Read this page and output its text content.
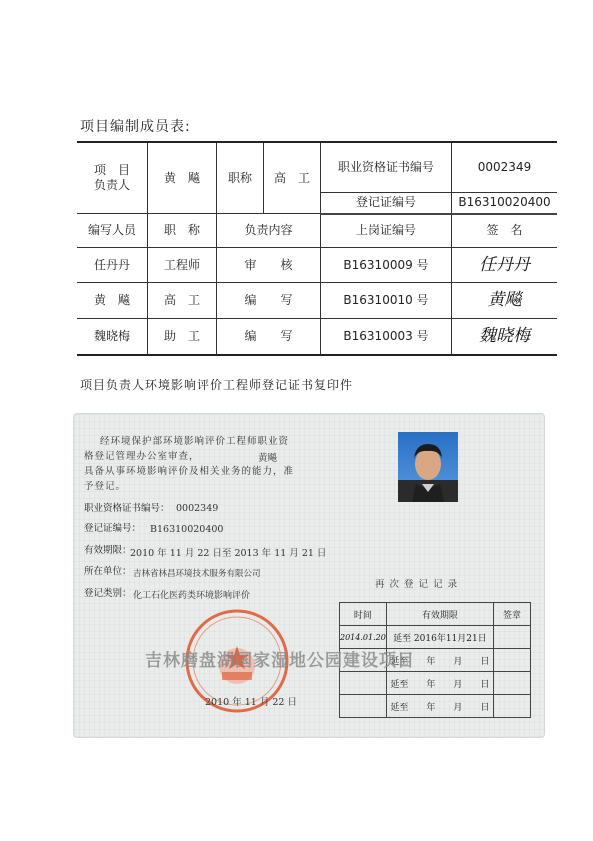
项目编制成员表:
项　目
负责人	黄　飚	职称	高　工	职业资格证书编号	0002349
				登记证编号	B16310020400
编写人员	职　称	负责内容		上岗证编号	签　名
任丹丹	工程师	审　　核		B16310009 号	任丹丹
黄　飚	高　工	编　　写		B16310010 号	黄飚
魏晓梅	助　工	编　　写		B16310003 号	魏晓梅
项目负责人环境影响评价工程师登记证书复印件
经环境保护部环境影响评价工程师职业资
格登记管理办公室审查，	黄飚
具备从事环境影响评价及相关业务的能力，准
予登记。
职业资格证书编号： 0002349
登记证编号： B16310020400
有效期限：
2010 年 11 月 22 日至 2013 年 11 月 21 日
所在单位： 吉林省林昌环境技术服务有限公司
登记类别： 化工石化医药类环境影响评价
2010 年 11 月 22 日
再 次 登 记 记 录
时间	有效期限	签章
2014.01.20	延至 2016年11月21日	
	延至　　年　　月　　日	
	延至　　年　　月　　日	
	延至　　年　　月　　日	
吉林磨盘湖国家湿地公园建设项目
